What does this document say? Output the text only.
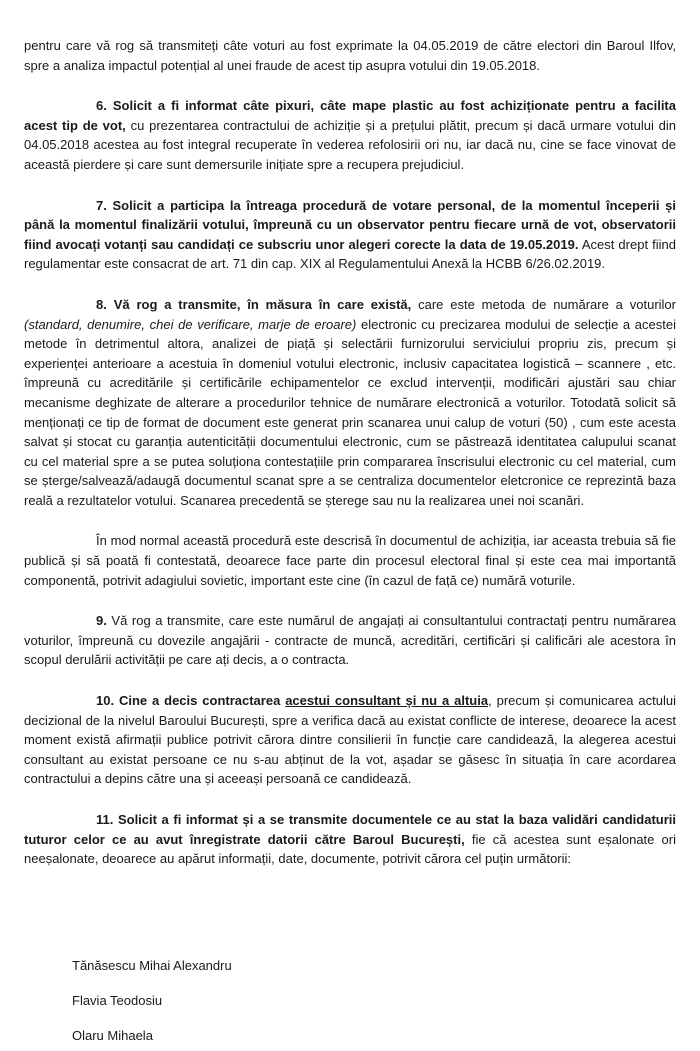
pentru care vă rog să transmiteți câte voturi au fost exprimate la 04.05.2019 de către electori din Baroul Ilfov, spre a analiza impactul potențial al unei fraude de acest tip asupra votului din 19.05.2018.

6. Solicit a fi informat câte pixuri, câte mape plastic au fost achiziționate pentru a facilita acest tip de vot, cu prezentarea contractului de achiziție și a prețului plătit, precum și dacă urmare votului din 04.05.2018 acestea au fost integral recuperate în vederea refolosirii ori nu, iar dacă nu, cine se face vinovat de această pierdere și care sunt demersurile inițiate spre a recupera prejudiciul.

7. Solicit a participa la întreaga procedură de votare personal, de la momentul începerii și până la momentul finalizării votului, împreună cu un observator pentru fiecare urnă de vot, observatorii fiind avocați votanți sau candidați ce subscriu unor alegeri corecte la data de 19.05.2019. Acest drept fiind regulamentar este consacrat de art. 71 din cap. XIX al Regulamentului Anexă la HCBB 6/26.02.2019.

8. Vă rog a transmite, în măsura în care există, care este metoda de numărare a voturilor (standard, denumire, chei de verificare, marje de eroare) electronic cu precizarea modului de selecție a acestei metode în detrimentul altora, analizei de piață și selectării furnizorului serviciului propriu zis, precum și experienței anterioare a acestuia în domeniul votului electronic, inclusiv capacitatea logistică – scannere , etc. împreună cu acreditările și certificările echipamentelor ce exclud intervenții, modificări ajustări sau chiar mecanisme deghizate de alterare a procedurilor tehnice de numărare electronică a voturilor. Totodată solicit să menționați ce tip de format de document este generat prin scanarea unui calup de voturi (50) , cum este acesta salvat și stocat cu garanția autenticității documentului electronic, cum se păstrează identitatea calupului scanat cu cel material spre a se putea soluționa contestațiile prin compararea înscrisului electronic cu cel material, cum se șterge/salvează/adaugă documentul scanat spre a se centraliza documentelor eletcronice ce reprezintă baza reală a rezultatelor votului. Scanarea precedentă se șterege sau nu la realizarea unei noi scanări.

În mod normal această procedură este descrisă în documentul de achiziția, iar aceasta trebuia să fie publică și să poată fi contestată, deoarece face parte din procesul electoral final și este cea mai importantă componentă, potrivit adagiului sovietic, important este cine (în cazul de față ce) numără voturile.

9. Vă rog a transmite, care este numărul de angajați ai consultantului contractați pentru numărarea voturilor, împreună cu dovezile angajării - contracte de muncă, acreditări, certificări și calificări ale acestora în scopul derulării activității pe care ați decis, a o contracta.

10. Cine a decis contractarea acestui consultant și nu a altuia, precum și comunicarea actului decizional de la nivelul Baroului București, spre a verifica dacă au existat conflicte de interese, deoarece la acest moment există afirmații publice potrivit cărora dintre consilierii în funcție care candidează, la alegerea acestui consultant au existat persoane ce nu s-au abținut de la vot, așadar se găsesc în situația în care acordarea contractului a depins către una și aceeași persoană ce candidează.

11. Solicit a fi informat și a se transmite documentele ce au stat la baza validări candidaturii tuturor celor ce au avut înregistrate datorii către Baroul București, fie că acestea sunt eșalonate ori neeșalonate, deoarece au apărut informații, date, documente, potrivit cărora cel puțin următorii:

Tănăsescu Mihai Alexandru
Flavia Teodosiu
Olaru Mihaela
